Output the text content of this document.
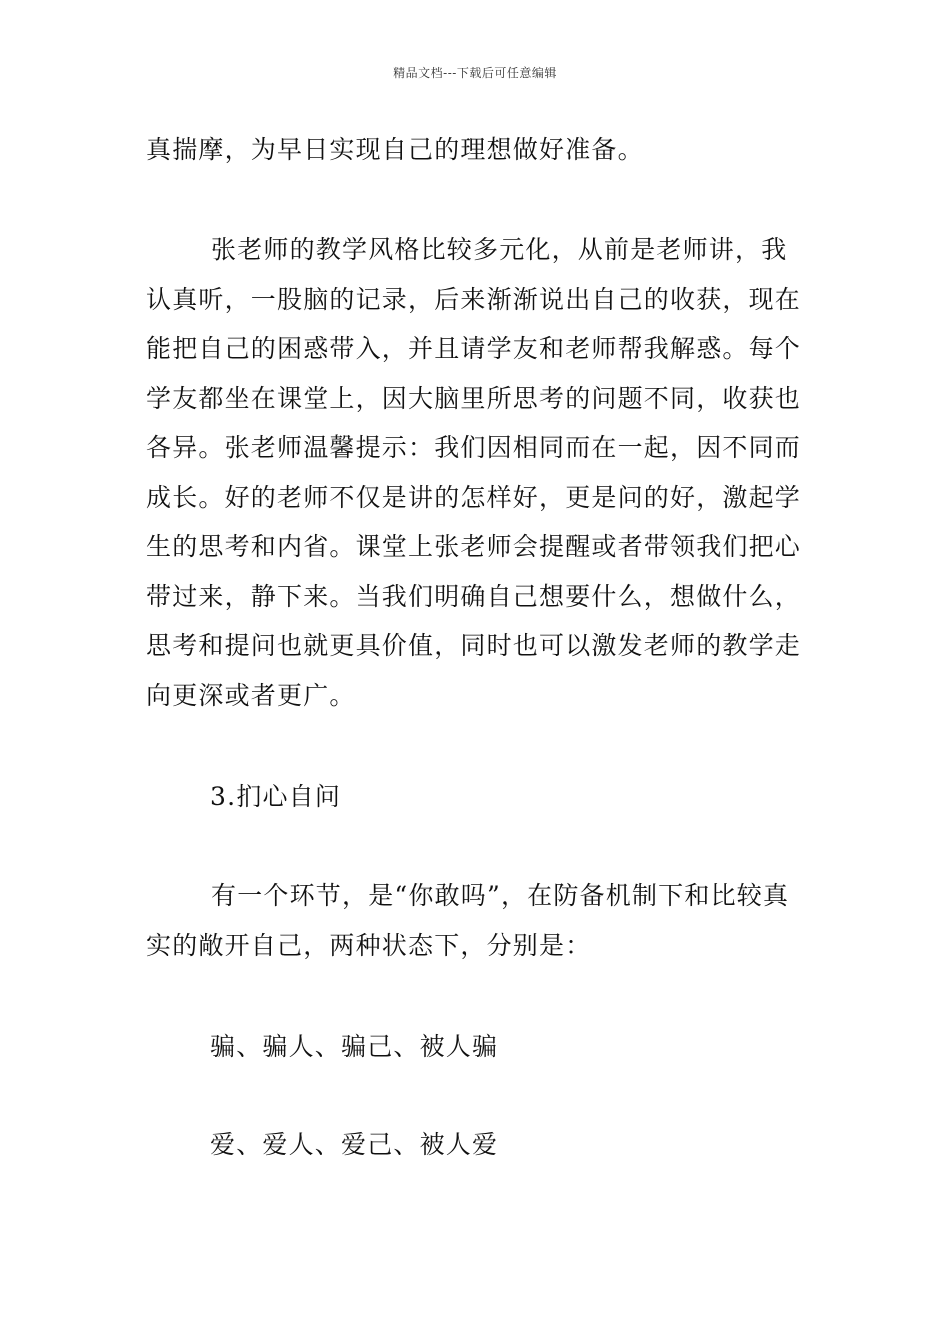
精品文档---下载后可任意编辑

真揣摩，为早日实现自己的理想做好准备。

张老师的教学风格比较多元化，从前是老师讲，我认真听，一股脑的记录，后来渐渐说出自己的收获，现在能把自己的困惑带入，并且请学友和老师帮我解惑。每个学友都坐在课堂上，因大脑里所思考的问题不同，收获也各异。张老师温馨提示：我们因相同而在一起，因不同而成长。好的老师不仅是讲的怎样好，更是问的好，激起学生的思考和内省。课堂上张老师会提醒或者带领我们把心带过来，静下来。当我们明确自己想要什么，想做什么，思考和提问也就更具价值，同时也可以激发老师的教学走向更深或者更广。

3.扪心自问

有一个环节，是“你敢吗”，在防备机制下和比较真实的敞开自己，两种状态下，分别是：

骗、骗人、骗己、被人骗

爱、爱人、爱己、被人爱
